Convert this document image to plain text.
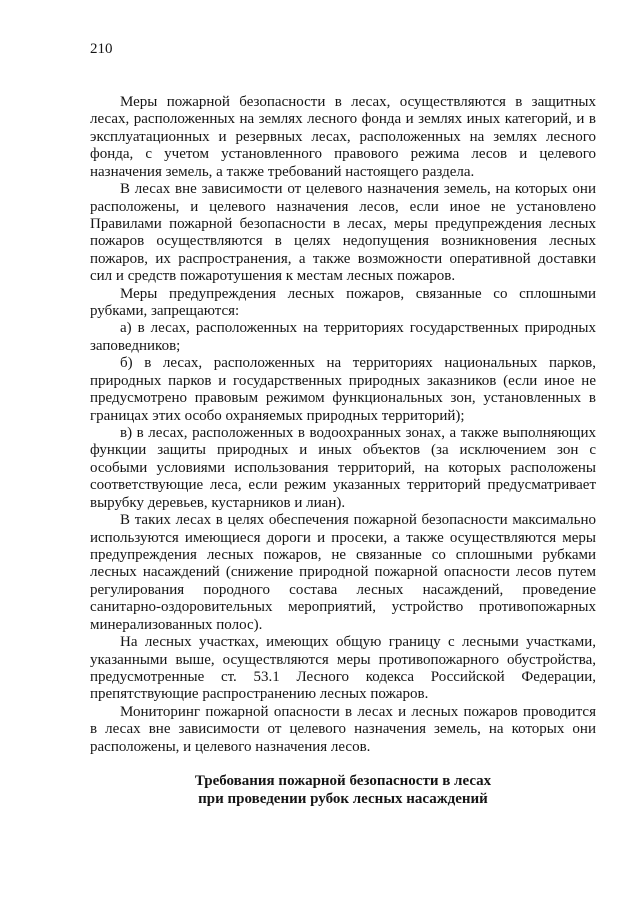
210
Меры пожарной безопасности в лесах, осуществляются в защитных
лесах, расположенных на землях лесного фонда и землях иных категорий, и в
эксплуатационных и резервных лесах, расположенных на землях лесного
фонда, с учетом установленного правового режима лесов и целевого
назначения земель, а также требований настоящего раздела.
В лесах вне зависимости от целевого назначения земель, на которых они
расположены, и целевого назначения лесов, если иное не установлено
Правилами пожарной безопасности в лесах, меры предупреждения лесных
пожаров осуществляются в целях недопущения возникновения лесных
пожаров, их распространения, а также возможности оперативной доставки
сил и средств пожаротушения к местам лесных пожаров.
Меры предупреждения лесных пожаров, связанные со сплошными
рубками, запрещаются:
а) в лесах, расположенных на территориях государственных природных
заповедников;
б) в лесах, расположенных на территориях национальных парков,
природных парков и государственных природных заказников (если иное не
предусмотрено правовым режимом функциональных зон, установленных в
границах этих особо охраняемых природных территорий);
в) в лесах, расположенных в водоохранных зонах, а также выполняющих
функции защиты природных и иных объектов (за исключением зон с
особыми условиями использования территорий, на которых расположены
соответствующие леса, если режим указанных территорий предусматривает
вырубку деревьев, кустарников и лиан).
В таких лесах в целях обеспечения пожарной безопасности максимально
используются имеющиеся дороги и просеки, а также осуществляются меры
предупреждения лесных пожаров, не связанные со сплошными рубками
лесных насаждений (снижение природной пожарной опасности лесов путем
регулирования породного состава лесных насаждений, проведение
санитарно-оздоровительных мероприятий, устройство противопожарных
минерализованных полос).
На лесных участках, имеющих общую границу с лесными участками,
указанными выше, осуществляются меры противопожарного обустройства,
предусмотренные ст. 53.1 Лесного кодекса Российской Федерации,
препятствующие распространению лесных пожаров.
Мониторинг пожарной опасности в лесах и лесных пожаров проводится
в лесах вне зависимости от целевого назначения земель, на которых они
расположены, и целевого назначения лесов.
Требования пожарной безопасности в лесах
при проведении рубок лесных насаждений
